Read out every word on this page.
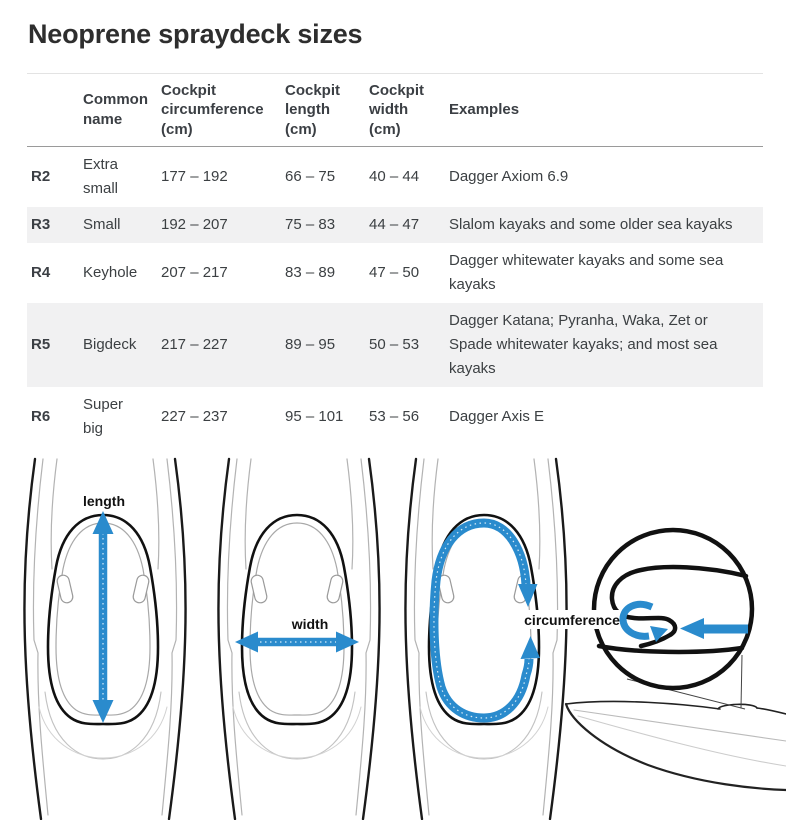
Neoprene spraydeck sizes
	Common name	Cockpit circumference (cm)	Cockpit length (cm)	Cockpit width (cm)	Examples
R2	Extra small	177 – 192	66 – 75	40 – 44	Dagger Axiom 6.9
R3	Small	192 – 207	75 – 83	44 – 47	Slalom kayaks and some older sea kayaks
R4	Keyhole	207 – 217	83 – 89	47 – 50	Dagger whitewater kayaks and some sea kayaks
R5	Bigdeck	217 – 227	89 – 95	50 – 53	Dagger Katana; Pyranha, Waka, Zet or Spade whitewater kayaks; and most sea kayaks
R6	Super big	227 – 237	95 – 101	53 – 56	Dagger Axis E
length
width	circumference
